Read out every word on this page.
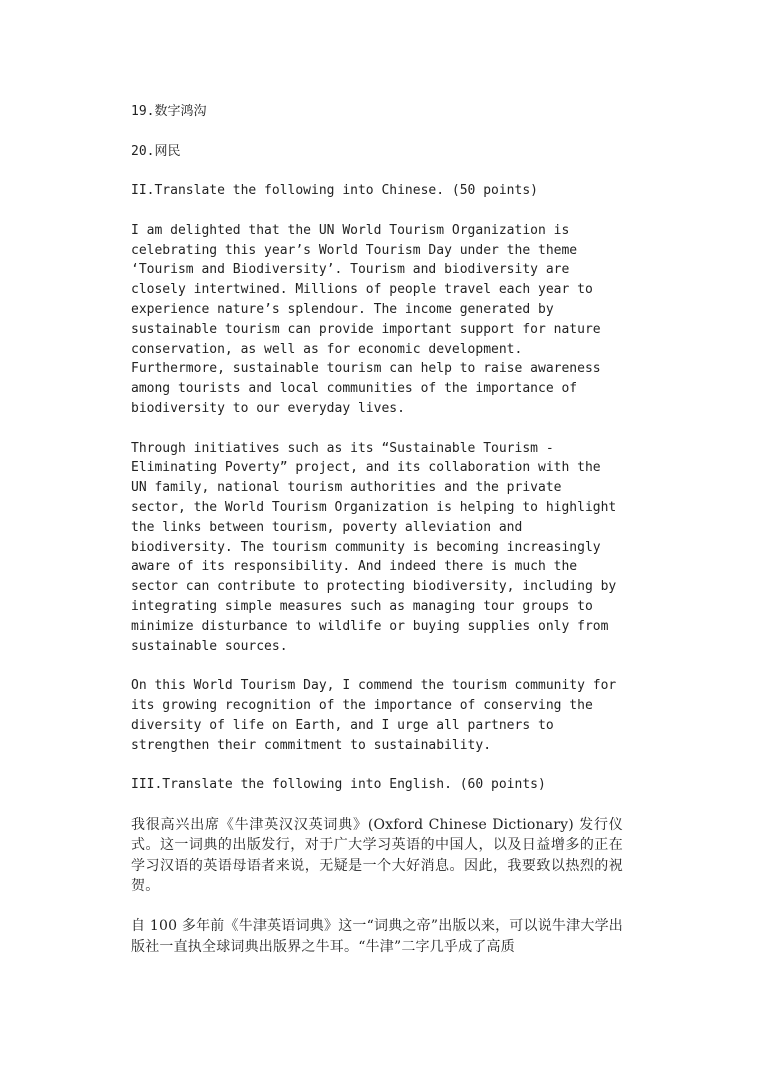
19.数字鸿沟

20.网民

II.Translate the following into Chinese. (50 points)

I am delighted that the UN World Tourism Organization is celebrating this year’s World Tourism Day under the theme ‘Tourism and Biodiversity’. Tourism and biodiversity are closely intertwined. Millions of people travel each year to experience nature’s splendour. The income generated by sustainable tourism can provide important support for nature conservation, as well as for economic development. Furthermore, sustainable tourism can help to raise awareness among tourists and local communities of the importance of biodiversity to our everyday lives.

Through initiatives such as its “Sustainable Tourism - Eliminating Poverty” project, and its collaboration with the UN family, national tourism authorities and the private sector, the World Tourism Organization is helping to highlight the links between tourism, poverty alleviation and biodiversity. The tourism community is becoming increasingly aware of its responsibility. And indeed there is much the sector can contribute to protecting biodiversity, including by integrating simple measures such as managing tour groups to minimize disturbance to wildlife or buying supplies only from sustainable sources.

On this World Tourism Day, I commend the tourism community for its growing recognition of the importance of conserving the diversity of life on Earth, and I urge all partners to strengthen their commitment to sustainability.

III.Translate the following into English. (60 points)

我很高兴出席《牛津英汉汉英词典》(Oxford Chinese Dictionary) 发行仪式。这一词典的出版发行，对于广大学习英语的中国人，以及日益增多的正在学习汉语的英语母语者来说，无疑是一个大好消息。因此，我要致以热烈的祝贺。

自 100 多年前《牛津英语词典》这一“词典之帝”出版以来，可以说牛津大学出版社一直执全球词典出版界之牛耳。“牛津”二字几乎成了高质
